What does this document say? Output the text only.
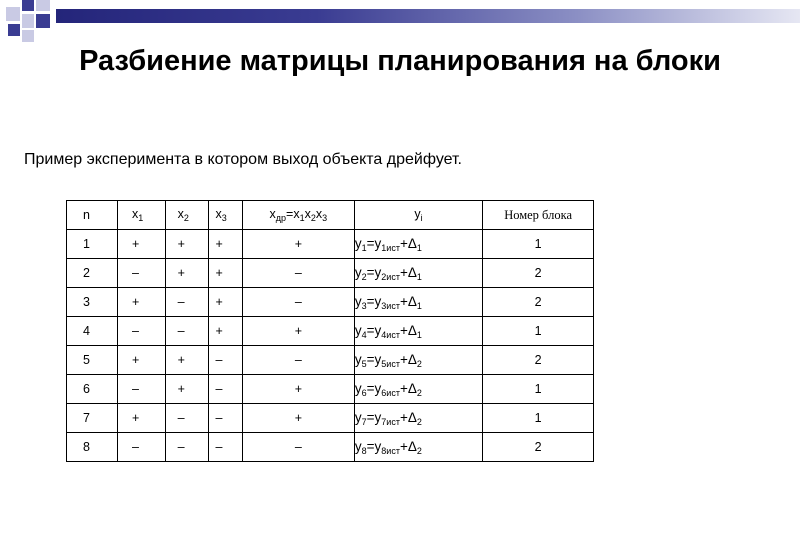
Разбиение матрицы планирования на блоки
Пример эксперимента в котором выход объекта дрейфует.
n	$x_1$	$x_2$	$x_3$	$x_{др}=x_1x_2x_3$	$y_i$	Номер блока
1	+	+	+	+	$y_1=y_{1ист}+\Delta_1$	1
2	–	+	+	–	$y_2=y_{2ист}+\Delta_1$	2
3	+	–	+	–	$y_3=y_{3ист}+\Delta_1$	2
4	–	–	+	+	$y_4=y_{4ист}+\Delta_1$	1
5	+	+	–	–	$y_5=y_{5ист}+\Delta_2$	2
6	–	+	–	+	$y_6=y_{6ист}+\Delta_2$	1
7	+	–	–	+	$y_7=y_{7ист}+\Delta_2$	1
8	–	–	–	–	$y_8=y_{8ист}+\Delta_2$	2
